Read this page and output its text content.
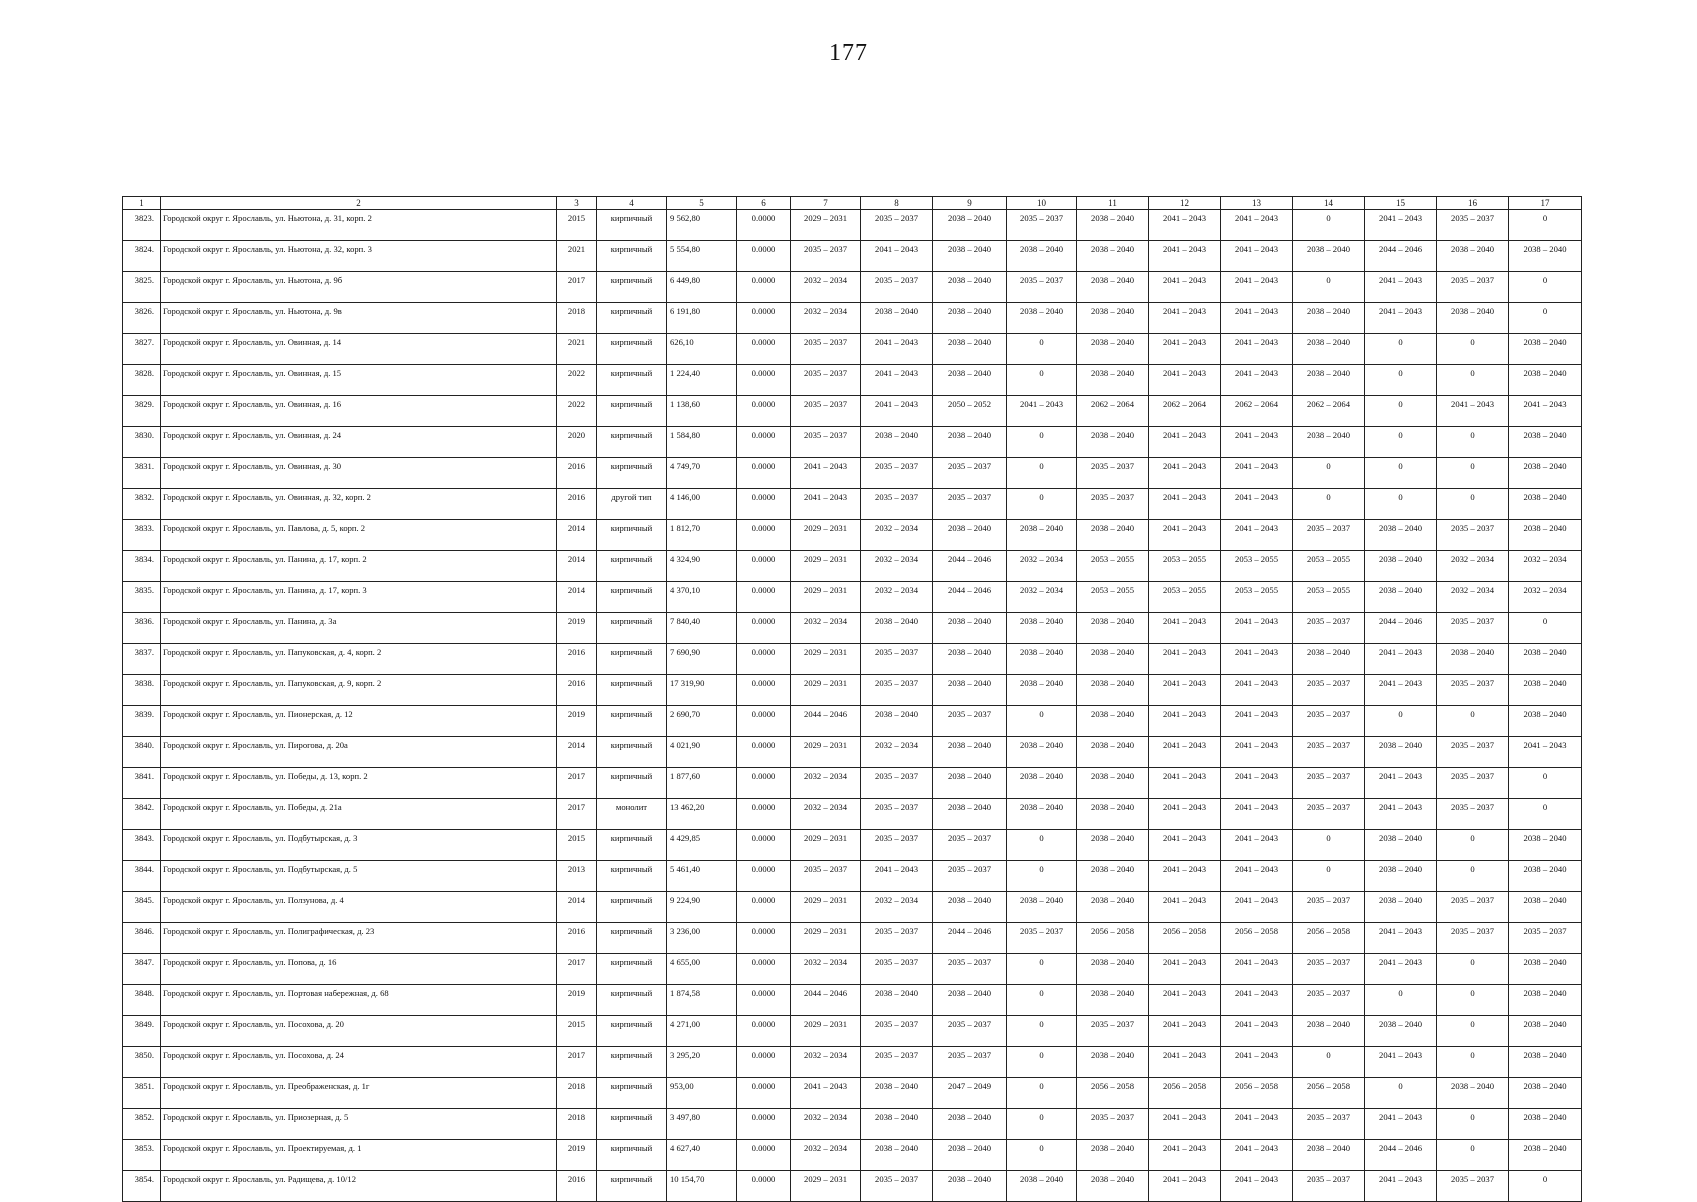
177
1	2	3	4	5	6	7	8	9	10	11	12	13	14	15	16	17
3823.	Городской округ г. Ярославль, ул. Ньютона, д. 31, корп. 2	2015	кирпичный	9 562,80	0.0000	2029 – 2031	2035 – 2037	2038 – 2040	2035 – 2037	2038 – 2040	2041 – 2043	2041 – 2043	0	2041 – 2043	2035 – 2037	0
3824.	Городской округ г. Ярославль, ул. Ньютона, д. 32, корп. 3	2021	кирпичный	5 554,80	0.0000	2035 – 2037	2041 – 2043	2038 – 2040	2038 – 2040	2038 – 2040	2041 – 2043	2041 – 2043	2038 – 2040	2044 – 2046	2038 – 2040	2038 – 2040
3825.	Городской округ г. Ярославль, ул. Ньютона, д. 9б	2017	кирпичный	6 449,80	0.0000	2032 – 2034	2035 – 2037	2038 – 2040	2035 – 2037	2038 – 2040	2041 – 2043	2041 – 2043	0	2041 – 2043	2035 – 2037	0
3826.	Городской округ г. Ярославль, ул. Ньютона, д. 9в	2018	кирпичный	6 191,80	0.0000	2032 – 2034	2038 – 2040	2038 – 2040	2038 – 2040	2038 – 2040	2041 – 2043	2041 – 2043	2038 – 2040	2041 – 2043	2038 – 2040	0
3827.	Городской округ г. Ярославль, ул. Овинная, д. 14	2021	кирпичный	626,10	0.0000	2035 – 2037	2041 – 2043	2038 – 2040	0	2038 – 2040	2041 – 2043	2041 – 2043	2038 – 2040	0	0	2038 – 2040
3828.	Городской округ г. Ярославль, ул. Овинная, д. 15	2022	кирпичный	1 224,40	0.0000	2035 – 2037	2041 – 2043	2038 – 2040	0	2038 – 2040	2041 – 2043	2041 – 2043	2038 – 2040	0	0	2038 – 2040
3829.	Городской округ г. Ярославль, ул. Овинная, д. 16	2022	кирпичный	1 138,60	0.0000	2035 – 2037	2041 – 2043	2050 – 2052	2041 – 2043	2062 – 2064	2062 – 2064	2062 – 2064	2062 – 2064	0	2041 – 2043	2041 – 2043
3830.	Городской округ г. Ярославль, ул. Овинная, д. 24	2020	кирпичный	1 584,80	0.0000	2035 – 2037	2038 – 2040	2038 – 2040	0	2038 – 2040	2041 – 2043	2041 – 2043	2038 – 2040	0	0	2038 – 2040
3831.	Городской округ г. Ярославль, ул. Овинная, д. 30	2016	кирпичный	4 749,70	0.0000	2041 – 2043	2035 – 2037	2035 – 2037	0	2035 – 2037	2041 – 2043	2041 – 2043	0	0	0	2038 – 2040
3832.	Городской округ г. Ярославль, ул. Овинная, д. 32, корп. 2	2016	другой тип	4 146,00	0.0000	2041 – 2043	2035 – 2037	2035 – 2037	0	2035 – 2037	2041 – 2043	2041 – 2043	0	0	0	2038 – 2040
3833.	Городской округ г. Ярославль, ул. Павлова, д. 5, корп. 2	2014	кирпичный	1 812,70	0.0000	2029 – 2031	2032 – 2034	2038 – 2040	2038 – 2040	2038 – 2040	2041 – 2043	2041 – 2043	2035 – 2037	2038 – 2040	2035 – 2037	2038 – 2040
3834.	Городской округ г. Ярославль, ул. Панина, д. 17, корп. 2	2014	кирпичный	4 324,90	0.0000	2029 – 2031	2032 – 2034	2044 – 2046	2032 – 2034	2053 – 2055	2053 – 2055	2053 – 2055	2053 – 2055	2038 – 2040	2032 – 2034	2032 – 2034
3835.	Городской округ г. Ярославль, ул. Панина, д. 17, корп. 3	2014	кирпичный	4 370,10	0.0000	2029 – 2031	2032 – 2034	2044 – 2046	2032 – 2034	2053 – 2055	2053 – 2055	2053 – 2055	2053 – 2055	2038 – 2040	2032 – 2034	2032 – 2034
3836.	Городской округ г. Ярославль, ул. Панина, д. 3а	2019	кирпичный	7 840,40	0.0000	2032 – 2034	2038 – 2040	2038 – 2040	2038 – 2040	2038 – 2040	2041 – 2043	2041 – 2043	2035 – 2037	2044 – 2046	2035 – 2037	0
3837.	Городской округ г. Ярославль, ул. Папуковская, д. 4, корп. 2	2016	кирпичный	7 690,90	0.0000	2029 – 2031	2035 – 2037	2038 – 2040	2038 – 2040	2038 – 2040	2041 – 2043	2041 – 2043	2038 – 2040	2041 – 2043	2038 – 2040	2038 – 2040
3838.	Городской округ г. Ярославль, ул. Папуковская, д. 9, корп. 2	2016	кирпичный	17 319,90	0.0000	2029 – 2031	2035 – 2037	2038 – 2040	2038 – 2040	2038 – 2040	2041 – 2043	2041 – 2043	2035 – 2037	2041 – 2043	2035 – 2037	2038 – 2040
3839.	Городской округ г. Ярославль, ул. Пионерская, д. 12	2019	кирпичный	2 690,70	0.0000	2044 – 2046	2038 – 2040	2035 – 2037	0	2038 – 2040	2041 – 2043	2041 – 2043	2035 – 2037	0	0	2038 – 2040
3840.	Городской округ г. Ярославль, ул. Пирогова, д. 20а	2014	кирпичный	4 021,90	0.0000	2029 – 2031	2032 – 2034	2038 – 2040	2038 – 2040	2038 – 2040	2041 – 2043	2041 – 2043	2035 – 2037	2038 – 2040	2035 – 2037	2041 – 2043
3841.	Городской округ г. Ярославль, ул. Победы, д. 13, корп. 2	2017	кирпичный	1 877,60	0.0000	2032 – 2034	2035 – 2037	2038 – 2040	2038 – 2040	2038 – 2040	2041 – 2043	2041 – 2043	2035 – 2037	2041 – 2043	2035 – 2037	0
3842.	Городской округ г. Ярославль, ул. Победы, д. 21а	2017	монолит	13 462,20	0.0000	2032 – 2034	2035 – 2037	2038 – 2040	2038 – 2040	2038 – 2040	2041 – 2043	2041 – 2043	2035 – 2037	2041 – 2043	2035 – 2037	0
3843.	Городской округ г. Ярославль, ул. Подбутырская, д. 3	2015	кирпичный	4 429,85	0.0000	2029 – 2031	2035 – 2037	2035 – 2037	0	2038 – 2040	2041 – 2043	2041 – 2043	0	2038 – 2040	0	2038 – 2040
3844.	Городской округ г. Ярославль, ул. Подбутырская, д. 5	2013	кирпичный	5 461,40	0.0000	2035 – 2037	2041 – 2043	2035 – 2037	0	2038 – 2040	2041 – 2043	2041 – 2043	0	2038 – 2040	0	2038 – 2040
3845.	Городской округ г. Ярославль, ул. Ползунова, д. 4	2014	кирпичный	9 224,90	0.0000	2029 – 2031	2032 – 2034	2038 – 2040	2038 – 2040	2038 – 2040	2041 – 2043	2041 – 2043	2035 – 2037	2038 – 2040	2035 – 2037	2038 – 2040
3846.	Городской округ г. Ярославль, ул. Полиграфическая, д. 23	2016	кирпичный	3 236,00	0.0000	2029 – 2031	2035 – 2037	2044 – 2046	2035 – 2037	2056 – 2058	2056 – 2058	2056 – 2058	2056 – 2058	2041 – 2043	2035 – 2037	2035 – 2037
3847.	Городской округ г. Ярославль, ул. Попова, д. 16	2017	кирпичный	4 655,00	0.0000	2032 – 2034	2035 – 2037	2035 – 2037	0	2038 – 2040	2041 – 2043	2041 – 2043	2035 – 2037	2041 – 2043	0	2038 – 2040
3848.	Городской округ г. Ярославль, ул. Портовая набережная, д. 68	2019	кирпичный	1 874,58	0.0000	2044 – 2046	2038 – 2040	2038 – 2040	0	2038 – 2040	2041 – 2043	2041 – 2043	2035 – 2037	0	0	2038 – 2040
3849.	Городской округ г. Ярославль, ул. Посохова, д. 20	2015	кирпичный	4 271,00	0.0000	2029 – 2031	2035 – 2037	2035 – 2037	0	2035 – 2037	2041 – 2043	2041 – 2043	2038 – 2040	2038 – 2040	0	2038 – 2040
3850.	Городской округ г. Ярославль, ул. Посохова, д. 24	2017	кирпичный	3 295,20	0.0000	2032 – 2034	2035 – 2037	2035 – 2037	0	2038 – 2040	2041 – 2043	2041 – 2043	0	2041 – 2043	0	2038 – 2040
3851.	Городской округ г. Ярославль, ул. Преображенская, д. 1г	2018	кирпичный	953,00	0.0000	2041 – 2043	2038 – 2040	2047 – 2049	0	2056 – 2058	2056 – 2058	2056 – 2058	2056 – 2058	0	2038 – 2040	2038 – 2040
3852.	Городской округ г. Ярославль, ул. Приозерная, д. 5	2018	кирпичный	3 497,80	0.0000	2032 – 2034	2038 – 2040	2038 – 2040	0	2035 – 2037	2041 – 2043	2041 – 2043	2035 – 2037	2041 – 2043	0	2038 – 2040
3853.	Городской округ г. Ярославль, ул. Проектируемая, д. 1	2019	кирпичный	4 627,40	0.0000	2032 – 2034	2038 – 2040	2038 – 2040	0	2038 – 2040	2041 – 2043	2041 – 2043	2038 – 2040	2044 – 2046	0	2038 – 2040
3854.	Городской округ г. Ярославль, ул. Радищева, д. 10/12	2016	кирпичный	10 154,70	0.0000	2029 – 2031	2035 – 2037	2038 – 2040	2038 – 2040	2038 – 2040	2041 – 2043	2041 – 2043	2035 – 2037	2041 – 2043	2035 – 2037	0
